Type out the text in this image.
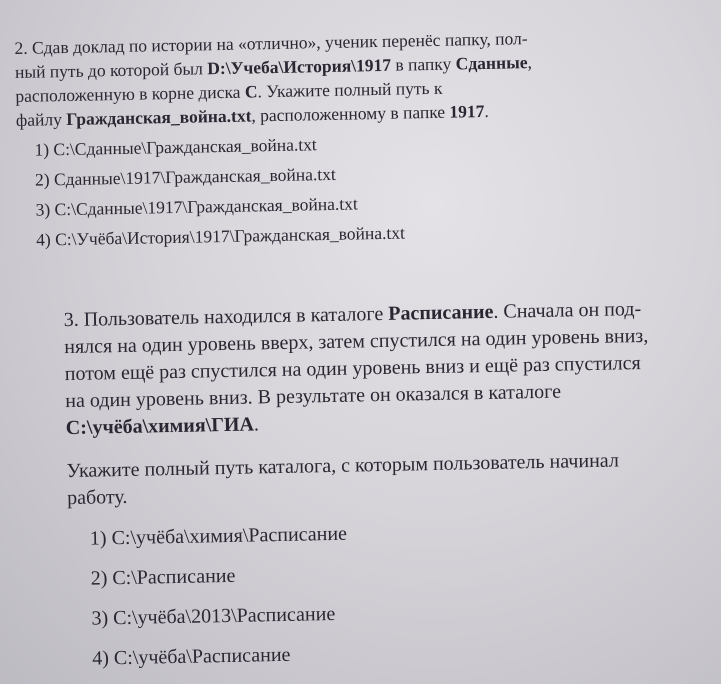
2. Сдав доклад по истории на «отлично», ученик перенёс папку, пол-
ный путь до которой был D:\Учеба\История\1917 в папку Сданные,
расположенную в корне диска С. Укажите полный путь к
файлу Гражданская_война.txt, расположенному в папке 1917.
1) C:\Сданные\Гражданская_война.txt
2) Сданные\1917\Гражданская_война.txt
3) C:\Сданные\1917\Гражданская_война.txt
4) C:\Учёба\История\1917\Гражданская_война.txt
3. Пользователь находился в каталоге Расписание. Сначала он под-
нялся на один уровень вверх, затем спустился на один уровень вниз,
потом ещё раз спустился на один уровень вниз и ещё раз спустился
на один уровень вниз. В результате он оказался в каталоге
C:\учёба\химия\ГИА.
Укажите полный путь каталога, с которым пользователь начинал
работу.
1) C:\учёба\химия\Расписание
2) C:\Расписание
3) C:\учёба\2013\Расписание
4) C:\учёба\Расписание
